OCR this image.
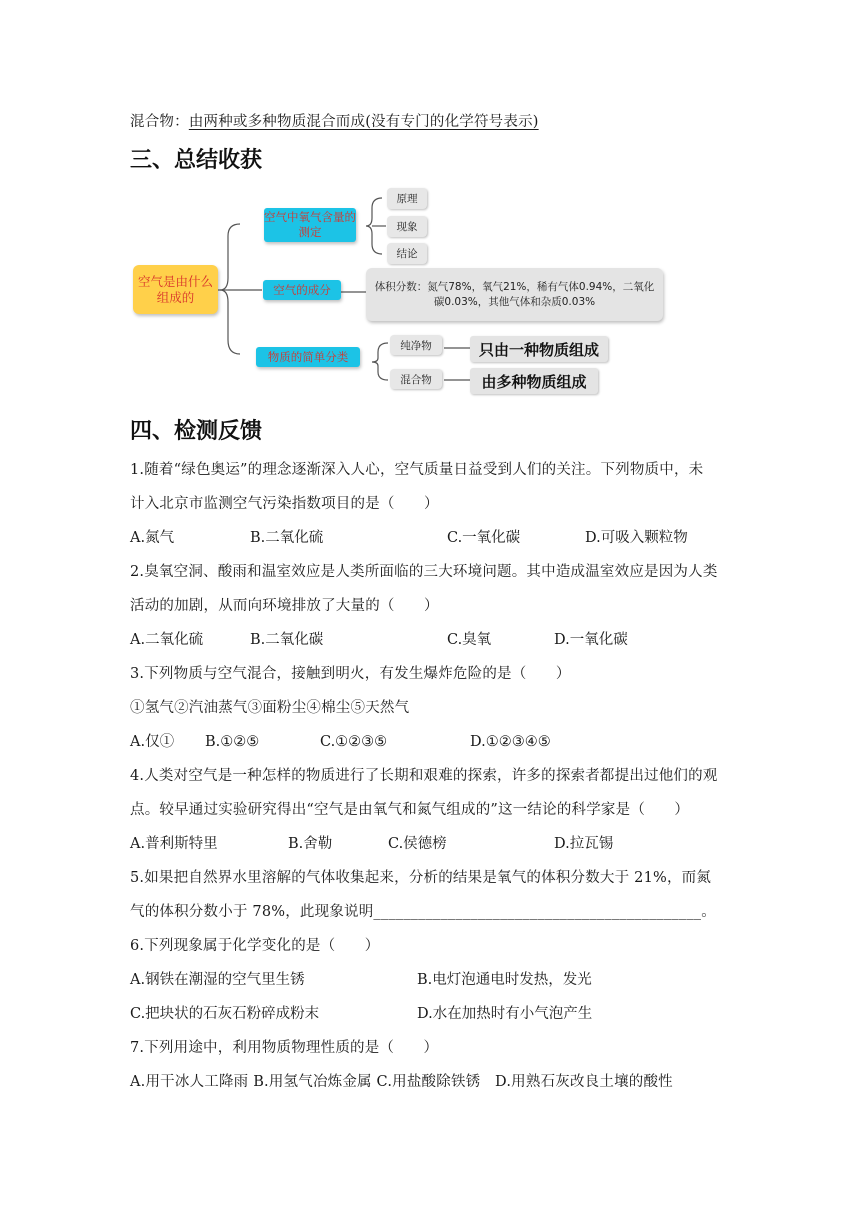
混合物：由两种或多种物质混合而成(没有专门的化学符号表示)
三、总结收获
空气是由什么组成的
空气中氧气含量的测定
原理
现象
结论
空气的成分	体积分数：氮气78%，氧气21%，稀有气体0.94%，二氧化碳0.03%，其他气体和杂质0.03%
物质的简单分类
纯净物
混合物
只由一种物质组成
由多种物质组成
四、检测反馈
1.随着“绿色奥运”的理念逐渐深入人心，空气质量日益受到人们的关注。下列物质中，未
计入北京市监测空气污染指数项目的是（　　）
A.氮气	B.二氧化硫	C.一氧化碳	D.可吸入颗粒物
2.臭氧空洞、酸雨和温室效应是人类所面临的三大环境问题。其中造成温室效应是因为人类
活动的加剧，从而向环境排放了大量的（　　）
A.二氧化硫	B.二氧化碳	C.臭氧	D.一氧化碳
3.下列物质与空气混合，接触到明火，有发生爆炸危险的是（　　）
①氢气②汽油蒸气③面粉尘④棉尘⑤天然气
A.仅① B.①②⑤	C.①②③⑤	D.①②③④⑤
4.人类对空气是一种怎样的物质进行了长期和艰难的探索，许多的探索者都提出过他们的观
点。较早通过实验研究得出“空气是由氧气和氮气组成的”这一结论的科学家是（　　）
A.普利斯特里	B.舍勒	C.侯德榜	D.拉瓦锡
5.如果把自然界水里溶解的气体收集起来，分析的结果是氧气的体积分数大于 21%，而氮
气的体积分数小于 78%，此现象说明____________________________________________。
6.下列现象属于化学变化的是（　　）
A.钢铁在潮湿的空气里生锈	B.电灯泡通电时发热，发光
C.把块状的石灰石粉碎成粉末	D.水在加热时有小气泡产生
7.下列用途中，利用物质物理性质的是（　　）
A.用干冰人工降雨 B.用氢气冶炼金属 C.用盐酸除铁锈　D.用熟石灰改良土壤的酸性
